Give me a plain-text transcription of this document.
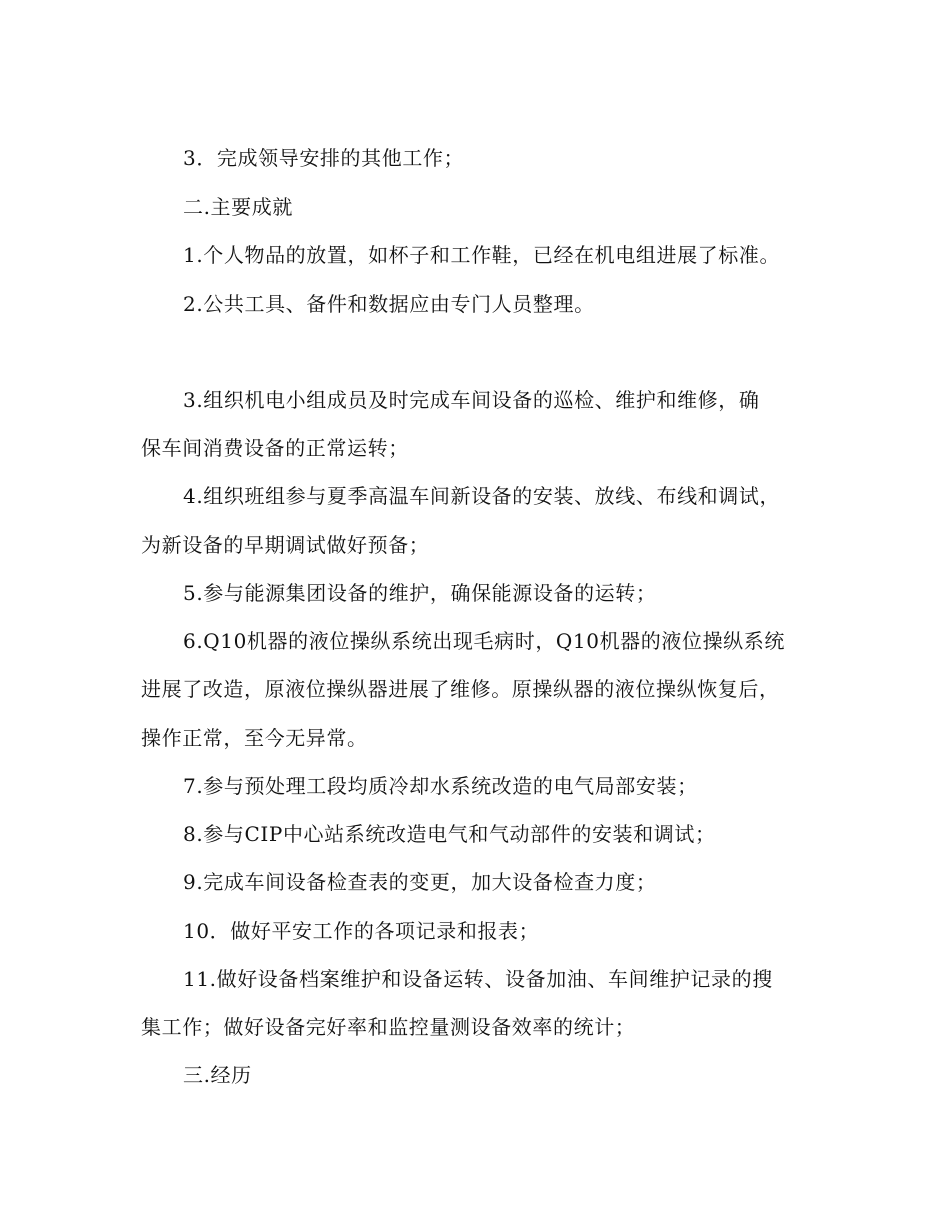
3．完成领导安排的其他工作；
二.主要成就
1.个人物品的放置，如杯子和工作鞋，已经在机电组进展了标准。
2.公共工具、备件和数据应由专门人员整理。
3.组织机电小组成员及时完成车间设备的巡检、维护和维修，确
保车间消费设备的正常运转；
4.组织班组参与夏季高温车间新设备的安装、放线、布线和调试，
为新设备的早期调试做好预备；
5.参与能源集团设备的维护，确保能源设备的运转；
6.Q10机器的液位操纵系统出现毛病时，Q10机器的液位操纵系统
进展了改造，原液位操纵器进展了维修。原操纵器的液位操纵恢复后，
操作正常，至今无异常。
7.参与预处理工段均质冷却水系统改造的电气局部安装；
8.参与CIP中心站系统改造电气和气动部件的安装和调试；
9.完成车间设备检查表的变更，加大设备检查力度；
10．做好平安工作的各项记录和报表；
11.做好设备档案维护和设备运转、设备加油、车间维护记录的搜
集工作；做好设备完好率和监控量测设备效率的统计；
三.经历
